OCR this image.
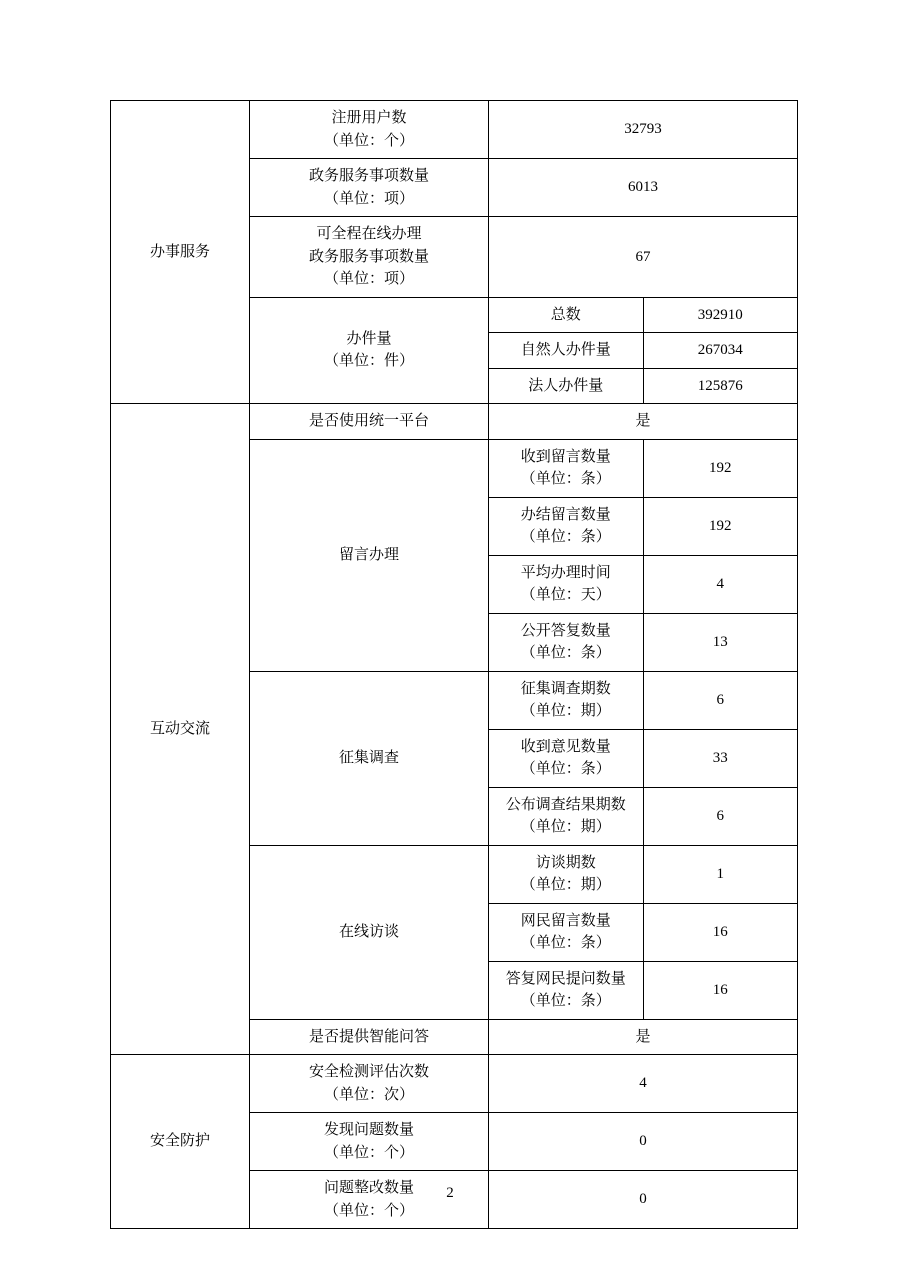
办事服务	注册用户数
（单位：个）	32793	

	政务服务事项数量
（单位：项）	6013	

	可全程在线办理
政务服务事项数量
（单位：项）	67	

	办件量
（单位：件）	总数	392910
		自然人办件量	267034
		法人办件量	125876
互动交流	是否使用统一平台	是	
	留言办理	收到留言数量
（单位：条）	192

		办结留言数量
（单位：条）	192

		平均办理时间
（单位：天）	4

		公开答复数量
（单位：条）	13
	征集调查	征集调查期数
（单位：期）	6

		收到意见数量
（单位：条）	33

		公布调查结果期数
（单位：期）	6
	在线访谈	访谈期数
（单位：期）	1

		网民留言数量
（单位：条）	16

		答复网民提问数量
（单位：条）	16
	是否提供智能问答	是	
安全防护	安全检测评估次数
（单位：次）	4	

	发现问题数量
（单位：个）	0	

	问题整改数量
（单位：个）	0	
2
